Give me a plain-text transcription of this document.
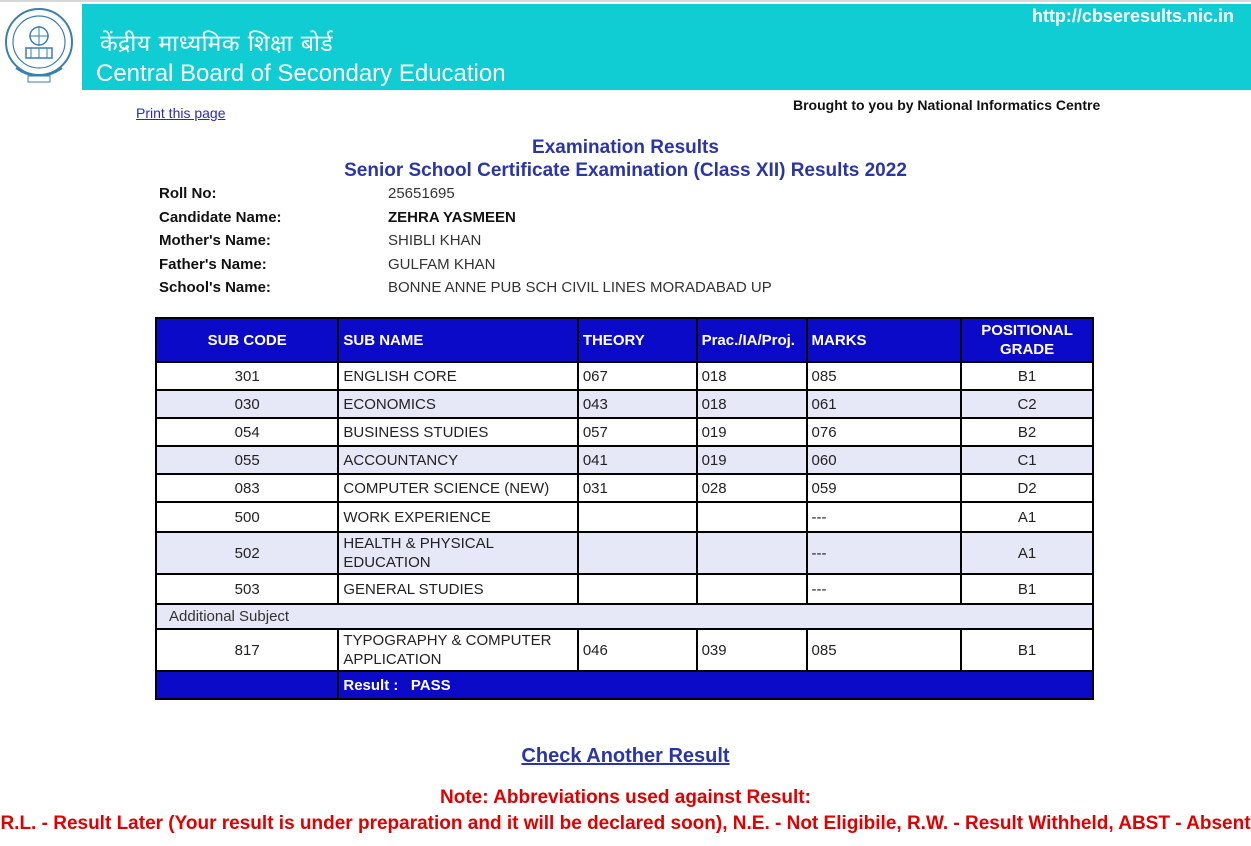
केंद्रीय माध्यमिक शिक्षा बोर्ड
Central Board of Secondary Education
http://cbseresults.nic.in
Print this page	Brought to you by National Informatics Centre
Examination Results
Senior School Certificate Examination (Class XII) Results 2022
Roll No:	25651695
Candidate Name:	ZEHRA YASMEEN
Mother's Name:	SHIBLI KHAN
Father's Name:	GULFAM KHAN
School's Name:	BONNE ANNE PUB SCH CIVIL LINES MORADABAD UP
SUB CODE	SUB NAME	THEORY	Prac./IA/Proj.	MARKS	POSITIONAL GRADE
301	ENGLISH CORE	067	018	085	B1
030	ECONOMICS	043	018	061	C2
054	BUSINESS STUDIES	057	019	076	B2
055	ACCOUNTANCY	041	019	060	C1
083	COMPUTER SCIENCE (NEW)	031	028	059	D2
500	WORK EXPERIENCE			---	A1
502	HEALTH & PHYSICAL EDUCATION			---	A1
503	GENERAL STUDIES			---	B1
Additional Subject					
817	TYPOGRAPHY & COMPUTER APPLICATION	046	039	085	B1
	Result : PASS				
Check Another Result
Note: Abbreviations used against Result:
R.L. - Result Later (Your result is under preparation and it will be declared soon), N.E. - Not Eligibile, R.W. - Result Withheld, ABST - Absent
